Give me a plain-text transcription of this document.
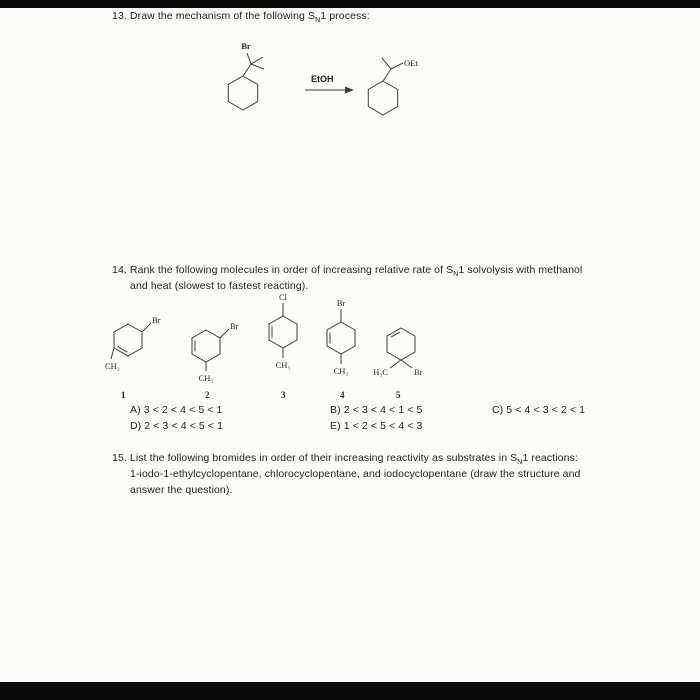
13. Draw the mechanism of the following $S_N1$ process:
Br
EtOH
OEt
14. Rank the following molecules in order of increasing relative rate of $S_N1$ solvolysis with methanol
and heat (slowest to fastest reacting).
Br
CH₃
Br
CH₃
Cl
CH₃
Br
CH₃	H₃C	Br
1	2	3	4	5
A) 3 < 2 < 4 < 5 < 1	B) 2 < 3 < 4 < 1 < 5	C) 5 < 4 < 3 < 2 < 1
D) 2 < 3 < 4 < 5 < 1	E) 1 < 2 < 5 < 4 < 3
15. List the following bromides in order of their increasing reactivity as substrates in $S_N1$ reactions:
1-iodo-1-ethylcyclopentane, chlorocyclopentane, and iodocyclopentane (draw the structure and
answer the question).
